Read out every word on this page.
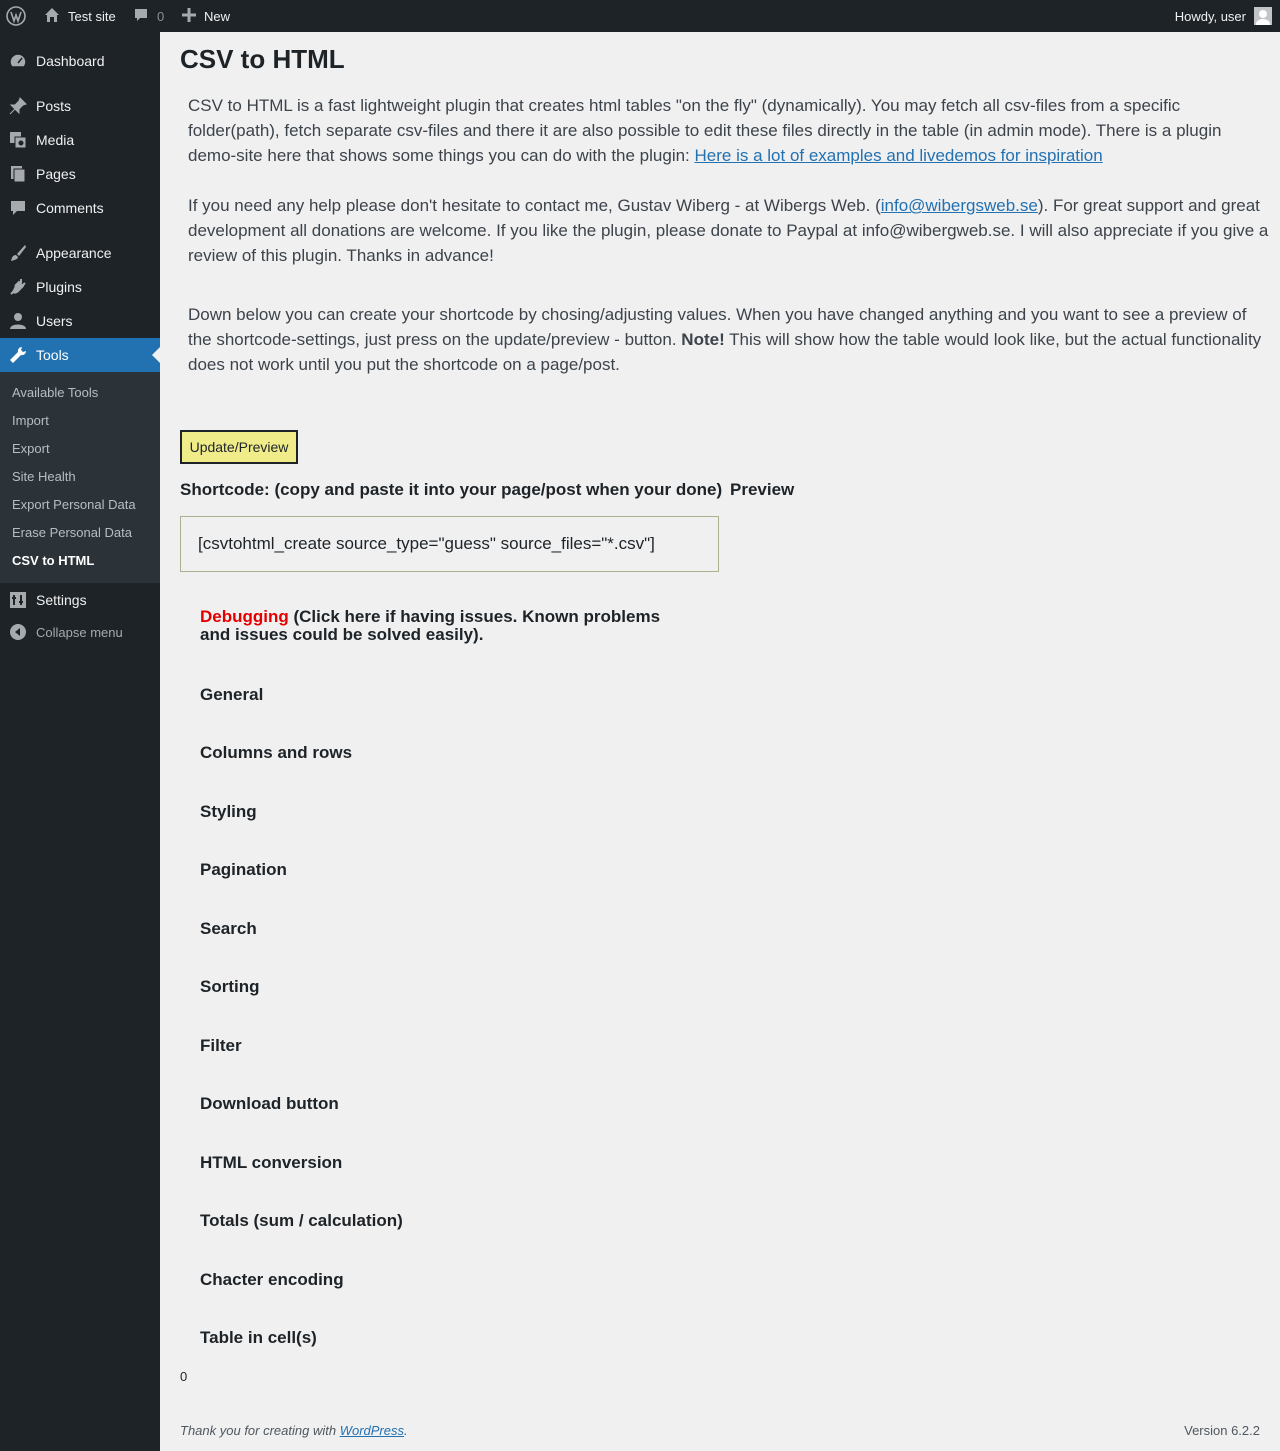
Test site	0	New	Howdy, user
Dashboard
Posts
Media
Pages
Comments
Appearance
Plugins
Users
Tools
Available Tools
Import
Export
Site Health
Export Personal Data
Erase Personal Data
CSV to HTML
Settings
Collapse menu
CSV to HTML
CSV to HTML is a fast lightweight plugin that creates html tables "on the fly" (dynamically). You may fetch all csv-files from a specific folder(path), fetch separate csv-files and there it are also possible to edit these files directly in the table (in admin mode). There is a plugin demo-site here that shows some things you can do with the plugin: Here is a lot of examples and livedemos for inspiration
If you need any help please don't hesitate to contact me, Gustav Wiberg - at Wibergs Web. (info@wibergsweb.se). For great support and great development all donations are welcome. If you like the plugin, please donate to Paypal at info@wibergweb.se. I will also appreciate if you give a review of this plugin. Thanks in advance!
Down below you can create your shortcode by chosing/adjusting values. When you have changed anything and you want to see a preview of the shortcode-settings, just press on the update/preview - button. Note! This will show how the table would look like, but the actual functionality does not work until you put the shortcode on a page/post.
Update/Preview
Shortcode: (copy and paste it into your page/post when your done) Preview
[csvtohtml_create source_type="guess" source_files="*.csv"]
Debugging (Click here if having issues. Known problems and issues could be solved easily).
General
Columns and rows
Styling
Pagination
Search
Sorting
Filter
Download button
HTML conversion
Totals (sum / calculation)
Chacter encoding
Table in cell(s)
0
Thank you for creating with WordPress.	Version 6.2.2
